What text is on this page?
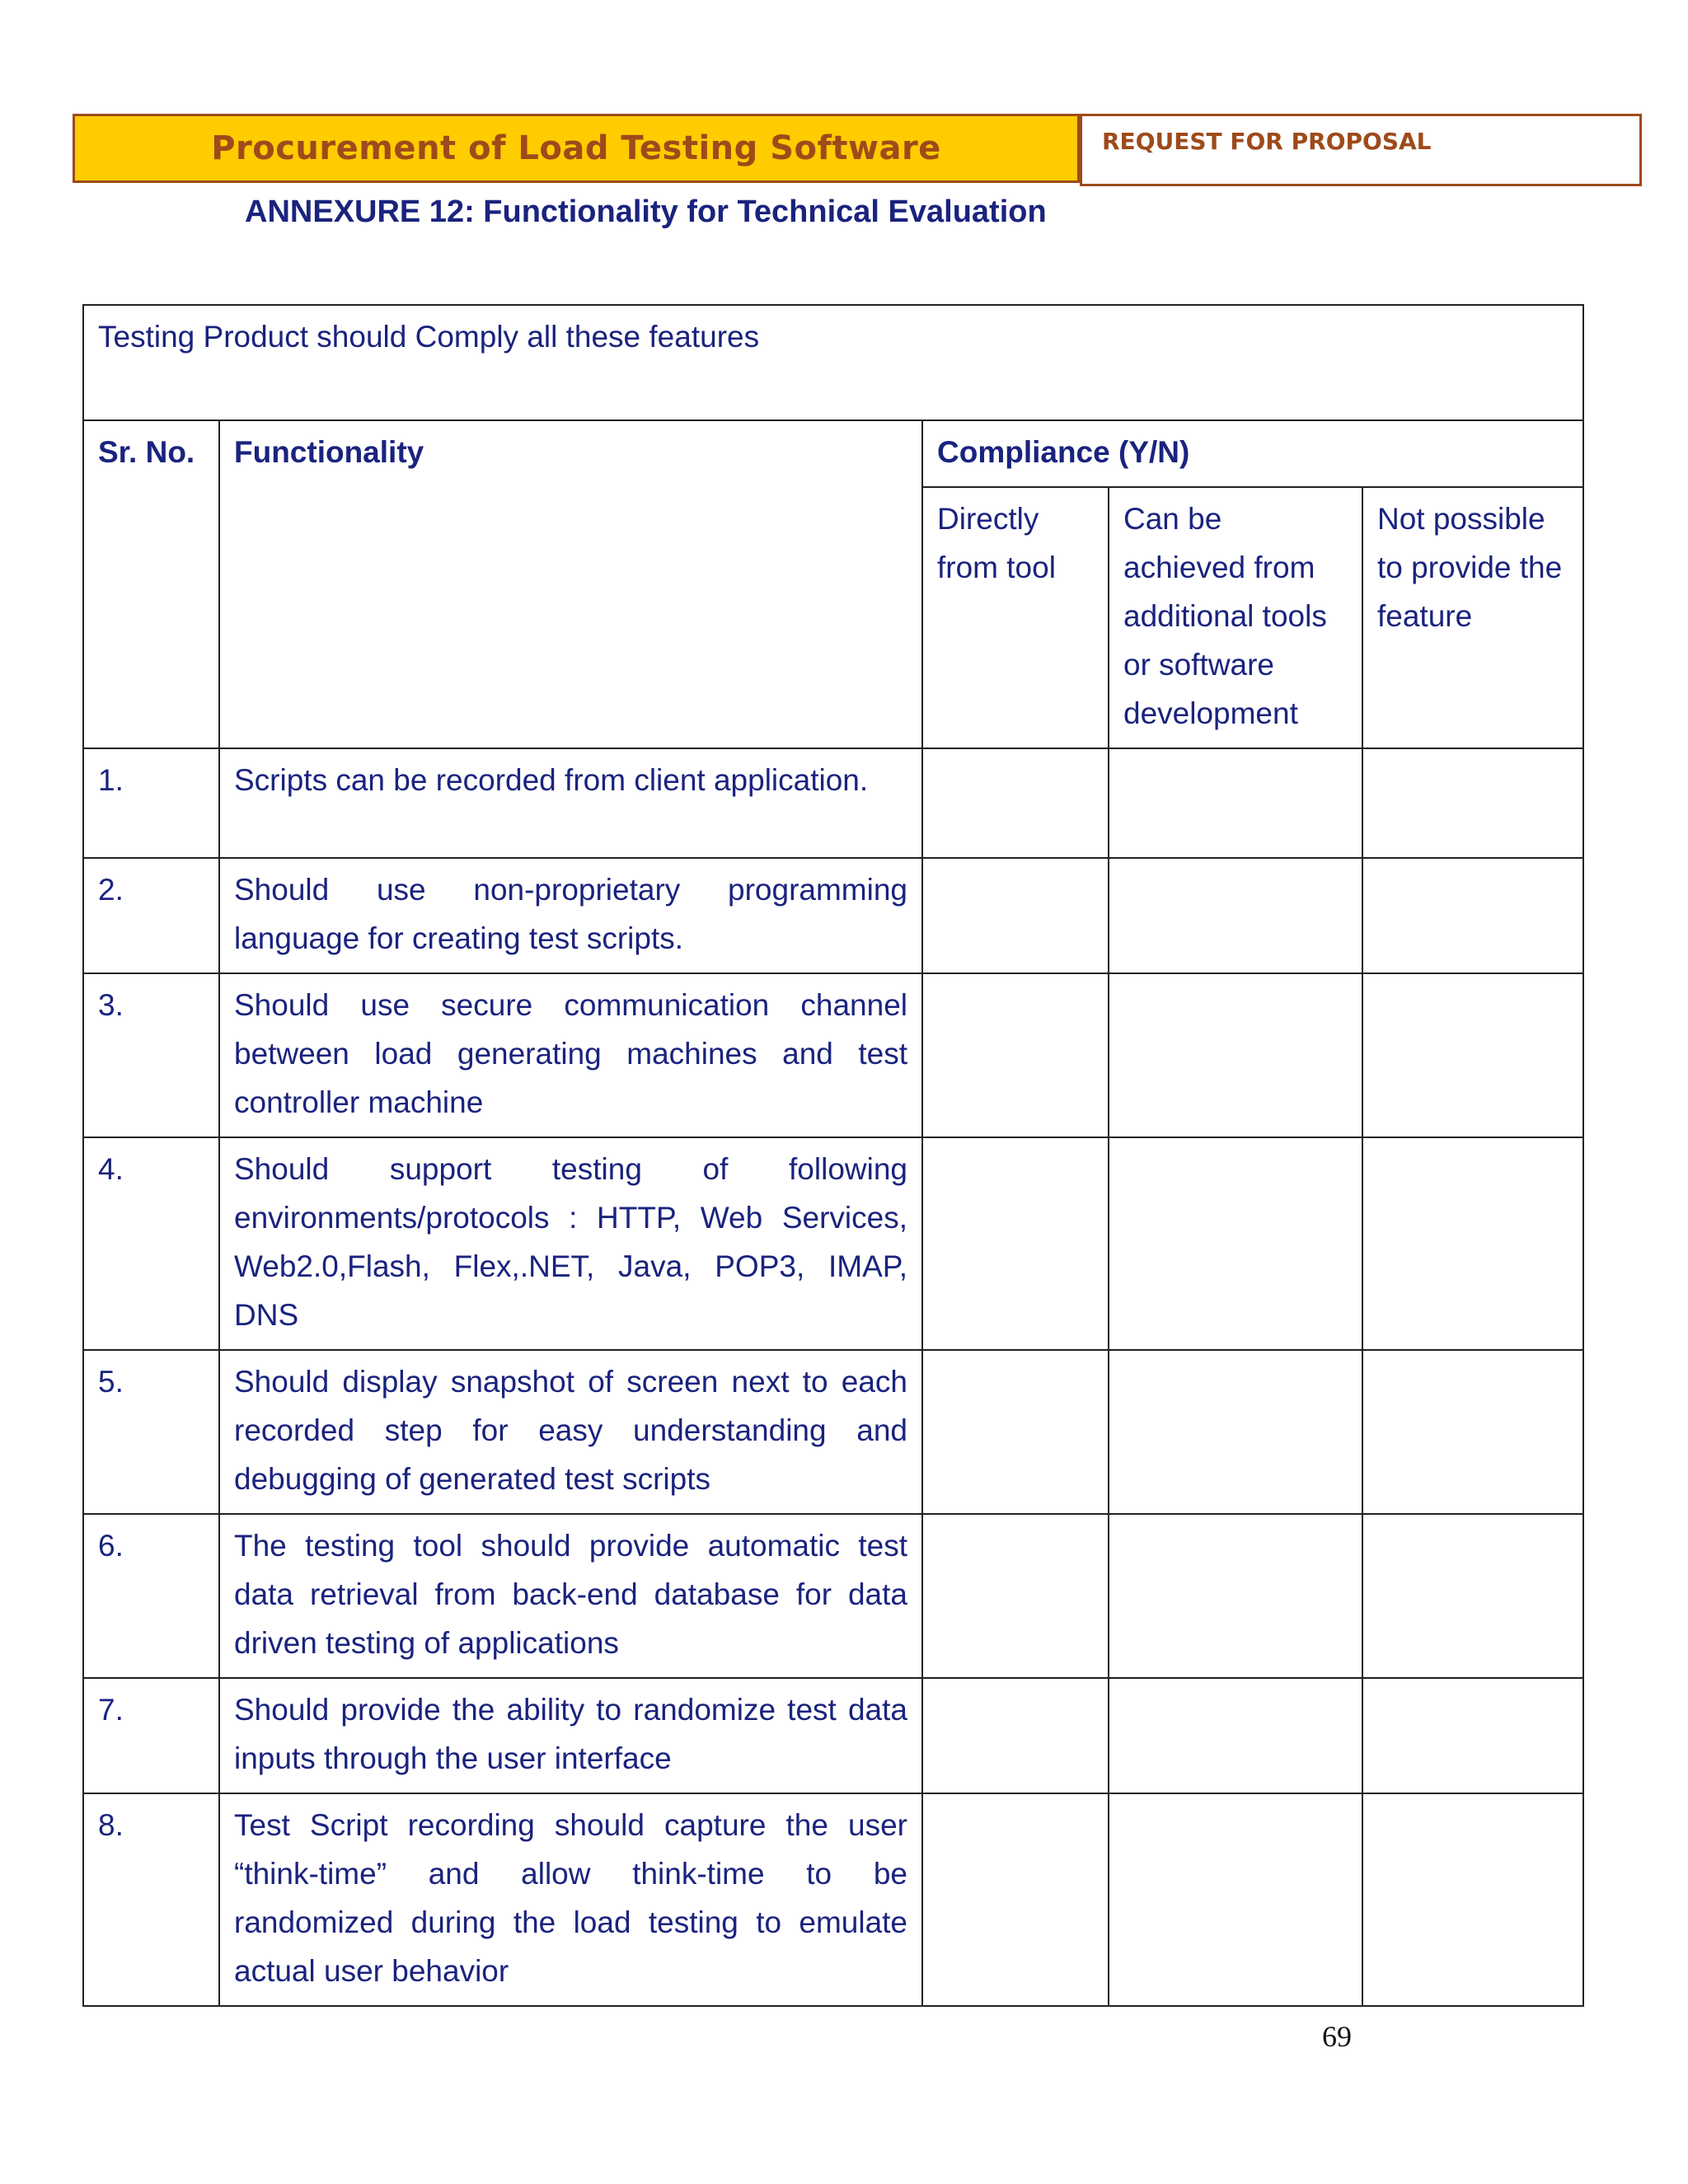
Procurement of Load Testing Software	REQUEST FOR PROPOSAL
ANNEXURE 12: Functionality for Technical Evaluation
Testing Product should Comply all these features				
Sr. No.	Functionality	Compliance (Y/N)		
		Directly from tool	Can be achieved from additional tools or software development	Not possible to provide the feature
1.	Scripts can be recorded from client application.			
2.	Should use non-proprietary programming language for creating test scripts.			
3.	Should use secure communication channel between load generating machines and test controller machine			
4.	Should support testing of following environments/protocols : HTTP, Web Services, Web2.0,Flash, Flex,.NET, Java, POP3, IMAP, DNS			
5.	Should display snapshot of screen next to each recorded step for easy understanding and debugging of generated test scripts			
6.	The testing tool should provide automatic test data retrieval from back-end database for data driven testing of applications			
7.	Should provide the ability to randomize test data inputs through the user interface			
8.	Test Script recording should capture the user “think-time” and allow think-time to be randomized during the load testing to emulate actual user behavior			
69
